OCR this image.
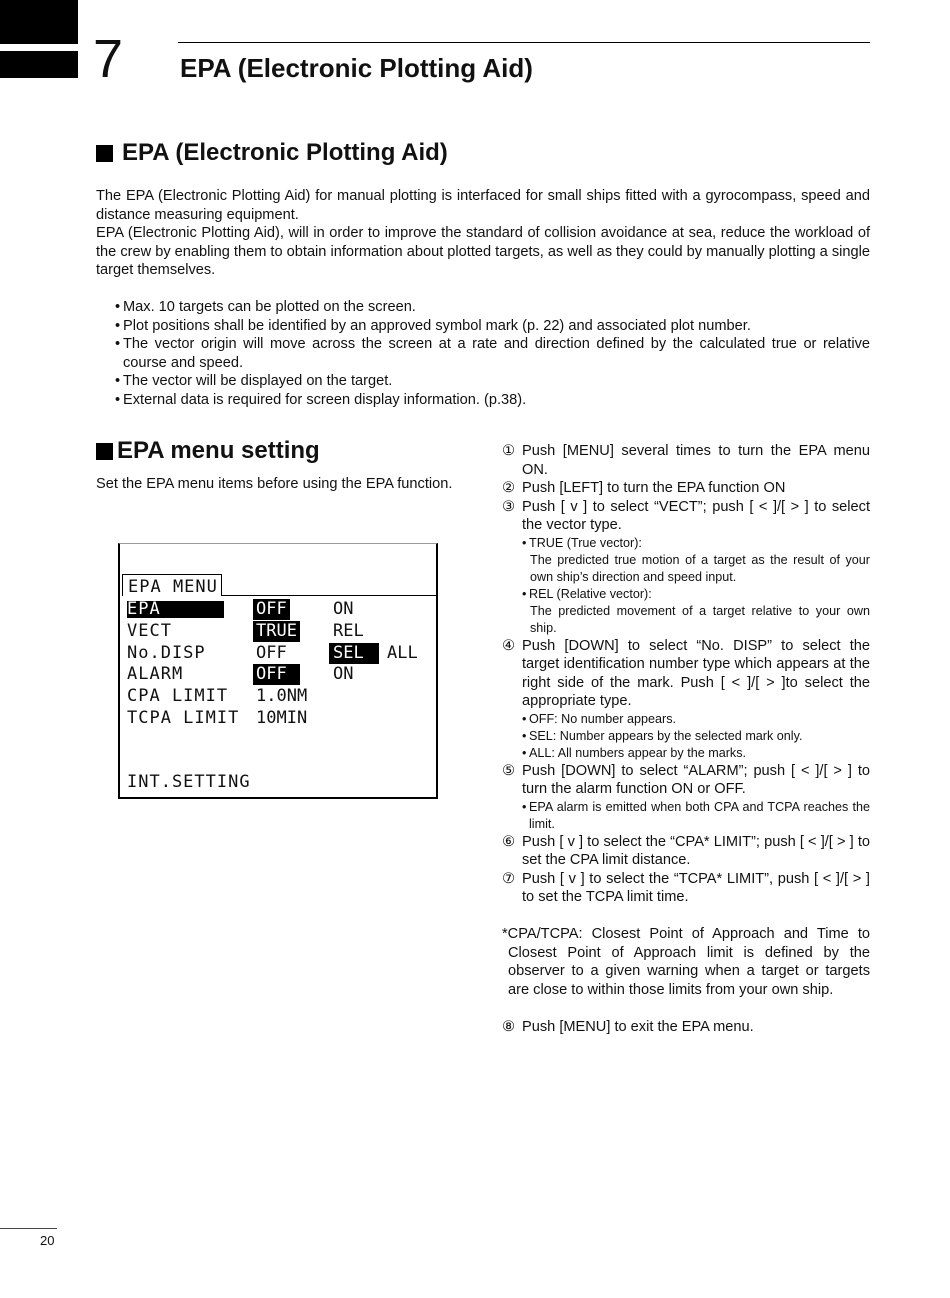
7 EPA (Electronic Plotting Aid)
EPA (Electronic Plotting Aid)

The EPA (Electronic Plotting Aid) for manual plotting is interfaced for small ships fitted with a gyrocompass, speed and distance measuring equipment.

EPA (Electronic Plotting Aid), will in order to improve the standard of collision avoidance at sea, reduce the workload of the crew by enabling them to obtain information about plotted targets, as well as they could by manually plotting a single target themselves.

• Max. 10 targets can be plotted on the screen.
• Plot positions shall be identified by an approved symbol mark (p. 22) and associated plot number.
• The vector origin will move across the screen at a rate and direction defined by the calculated true or relative course and speed.
• The vector will be displayed on the target.
• External data is required for screen display information. (p.38).
EPA menu setting
Set the EPA menu items before using the EPA function.
EPA MENU
EPA	OFF	ON
VECT	TRUE REL
No.DISP	OFF	SEL	ALL
ALARM	OFF	ON
CPA LIMIT 1.0NM
TCPA LIMIT 10MIN
INT.SETTING
① Push [MENU] several times to turn the EPA menu ON.
② Push [LEFT] to turn the EPA function ON
③ Push [ v ] to select “VECT”; push [ < ]/[ > ] to select the vector type.
• TRUE (True vector):
The predicted true motion of a target as the result of your own ship’s direction and speed input.
• REL (Relative vector):
The predicted movement of a target relative to your own ship.
④ Push [DOWN] to select “No. DISP” to select the target identification number type which appears at the right side of the mark. Push [ < ]/[ > ]to select the appropriate type.
• OFF: No number appears.
• SEL: Number appears by the selected mark only.
• ALL: All numbers appear by the marks.
⑤ Push [DOWN] to select “ALARM”; push [ < ]/[ > ] to turn the alarm function ON or OFF.
• EPA alarm is emitted when both CPA and TCPA reaches the limit.
⑥ Push [ v ] to select the “CPA* LIMIT”; push [ < ]/[ > ] to set the CPA limit distance.
⑦ Push [ v ] to select the “TCPA* LIMIT”, push [ < ]/[ > ] to set the TCPA limit time.
*CPA/TCPA: Closest Point of Approach and Time to Closest Point of Approach limit is defined by the observer to a given warning when a target or targets are close to within those limits from your own ship.
⑧ Push [MENU] to exit the EPA menu.
20
